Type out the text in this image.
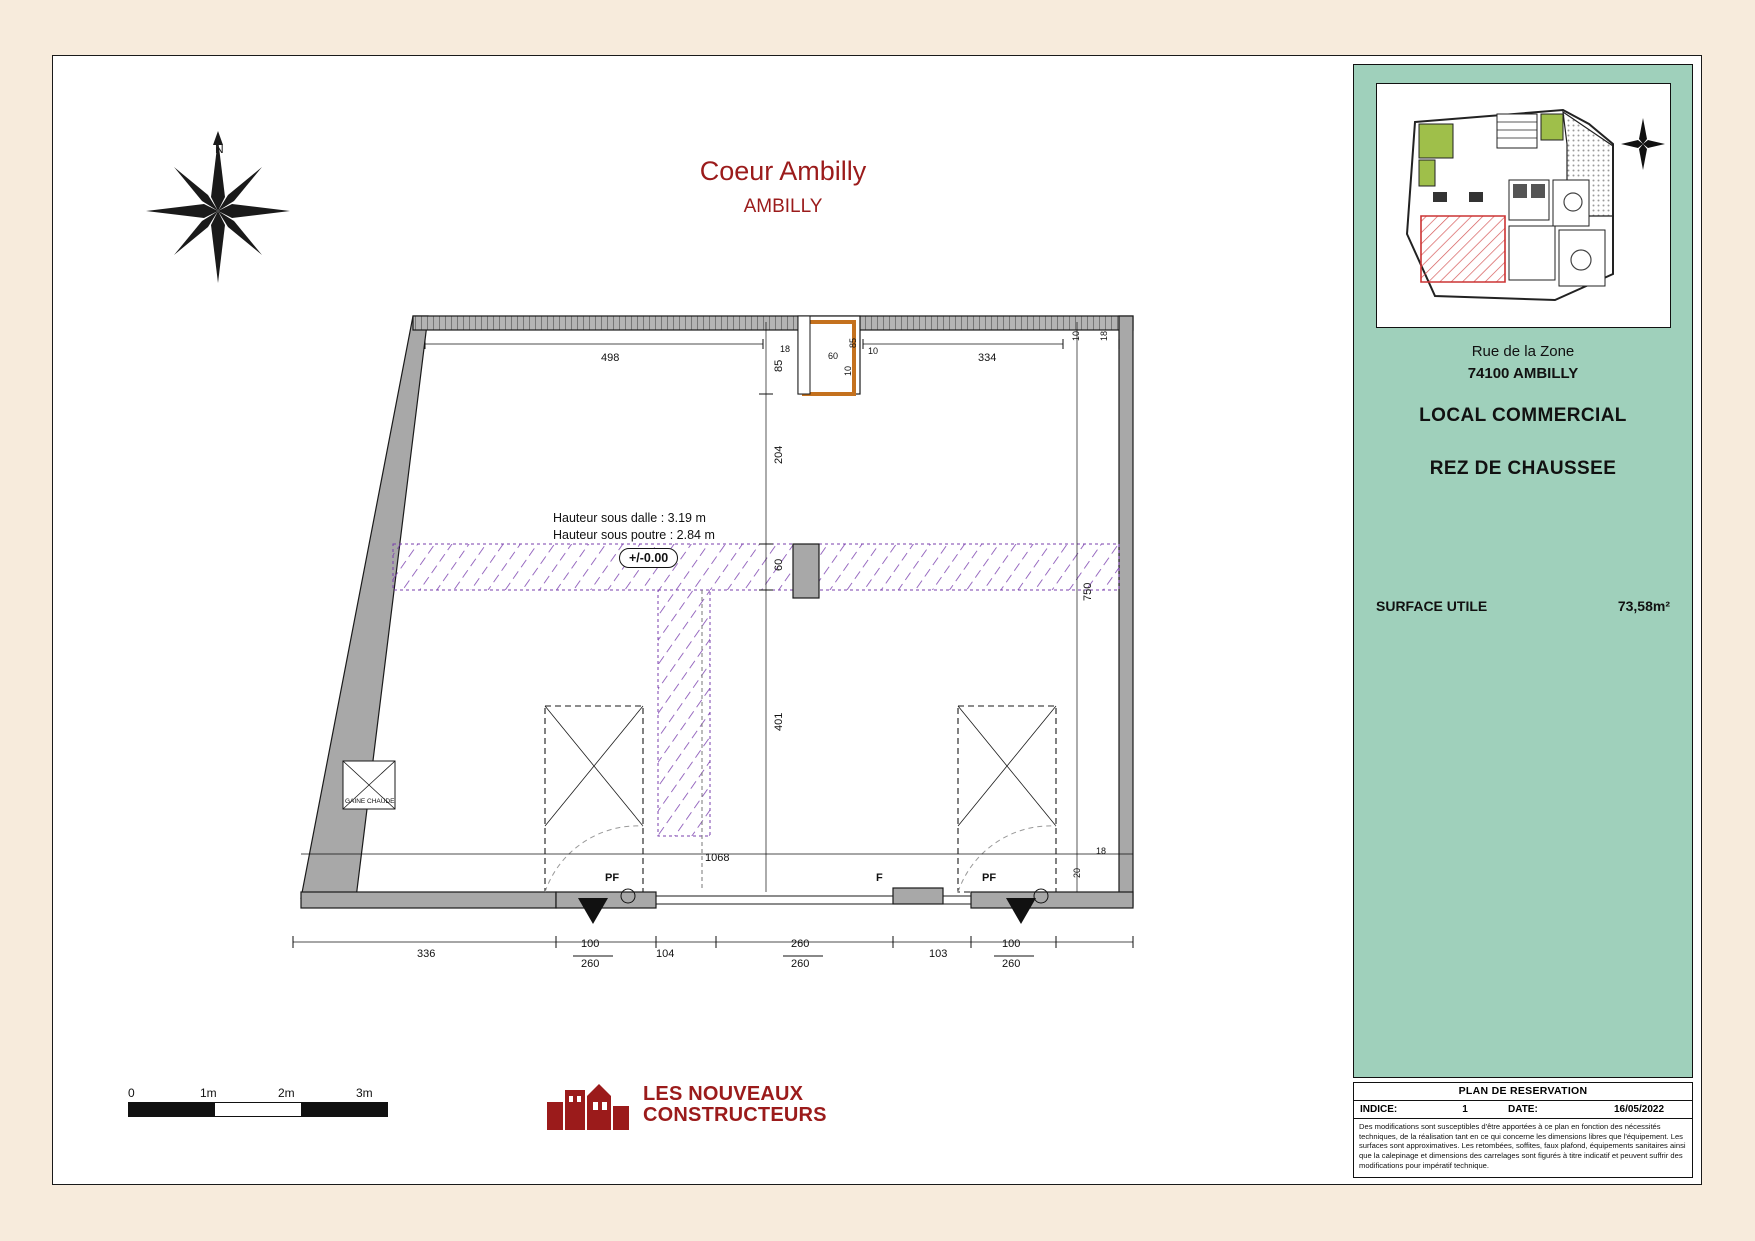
N
Coeur Ambilly
AMBILLY
Hauteur sous dalle : 3.19 m
Hauteur sous poutre : 2.84 m
+/-0.00
GAINE CHAUDE
498
18
60
85
10
334
10 18
10
85
204
60
401
750
18
20
1068
336
100
260
104
260
260
103
100
260
PF	F	PF
0	1m	2m	3m	LES NOUVEAUX
CONSTRUCTEURS
Rue de la Zone
74100 AMBILLY
LOCAL COMMERCIAL
REZ DE CHAUSSEE
SURFACE UTILE	73,58m²
PLAN DE RESERVATION
INDICE:	1	DATE:	16/05/2022
Des modifications sont susceptibles d'être apportées à ce plan en fonction des nécessités techniques, de la réalisation tant en ce qui concerne les dimensions libres que l'équipement. Les surfaces sont approximatives. Les retombées, soffites, faux plafond, équipements sanitaires ainsi que la calepinage et dimensions des carrelages sont figurés à titre indicatif et peuvent suffrir des modifications pour impératif technique.
